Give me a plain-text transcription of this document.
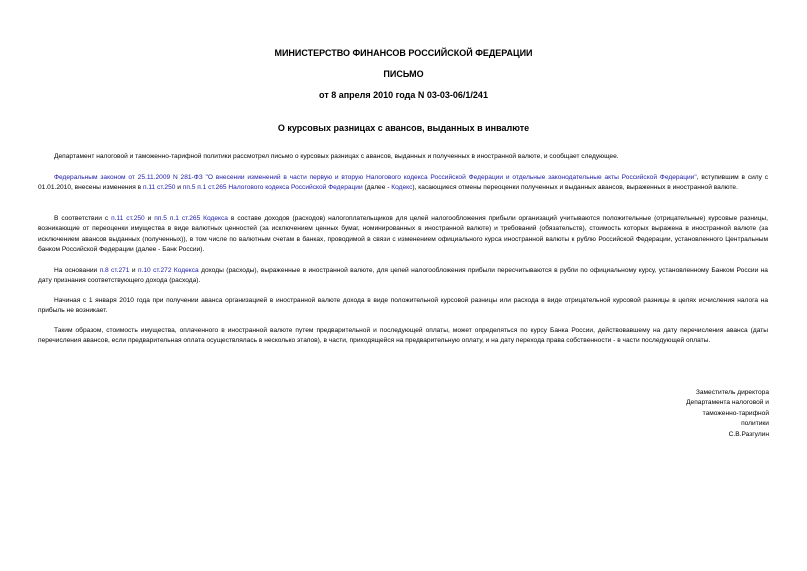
МИНИСТЕРСТВО ФИНАНСОВ РОССИЙСКОЙ ФЕДЕРАЦИИ
ПИСЬМО
от 8 апреля 2010 года N 03-03-06/1/241
О курсовых разницах с авансов, выданных в инвалюте
Департамент налоговой и таможенно-тарифной политики рассмотрел письмо о курсовых разницах с авансов, выданных и полученных в иностранной валюте, и сообщает следующее.
Федеральным законом от 25.11.2009 N 281-ФЗ "О внесении изменений в части первую и вторую Налогового кодекса Российской Федерации и отдельные законодательные акты Российской Федерации", вступившим в силу с 01.01.2010, внесены изменения в п.11 ст.250 и пп.5 п.1 ст.265 Налогового кодекса Российской Федерации (далее - Кодекс), касающиеся отмены переоценки полученных и выданных авансов, выраженных в иностранной валюте.
В соответствии с п.11 ст.250 и пп.5 п.1 ст.265 Кодекса в составе доходов (расходов) налогоплательщиков для целей налогообложения прибыли организаций учитываются положительные (отрицательные) курсовые разницы, возникающие от переоценки имущества в виде валютных ценностей (за исключением ценных бумаг, номинированных в иностранной валюте) и требований (обязательств), стоимость которых выражена в иностранной валюте (за исключением авансов выданных (полученных)), в том числе по валютным счетам в банках, проводимой в связи с изменением официального курса иностранной валюты к рублю Российской Федерации, установленного Центральным банком Российской Федерации (далее - Банк России).
На основании п.8 ст.271 и п.10 ст.272 Кодекса доходы (расходы), выраженные в иностранной валюте, для целей налогообложения прибыли пересчитываются в рубли по официальному курсу, установленному Банком России на дату признания соответствующего дохода (расхода).
Начиная с 1 января 2010 года при получении аванса организацией в иностранной валюте дохода в виде положительной курсовой разницы или расхода в виде отрицательной курсовой разницы в целях исчисления налога на прибыль не возникает.
Таким образом, стоимость имущества, оплаченного в иностранной валюте путем предварительной и последующей оплаты, может определяться по курсу Банка России, действовавшему на дату перечисления аванса (даты перечисления авансов, если предварительная оплата осуществлялась в несколько этапов), в части, приходящейся на предварительную оплату, и на дату перехода права собственности - в части последующей оплаты.
Заместитель директора
Департамента налоговой и
таможенно-тарифной
политики
С.В.Разгулин
